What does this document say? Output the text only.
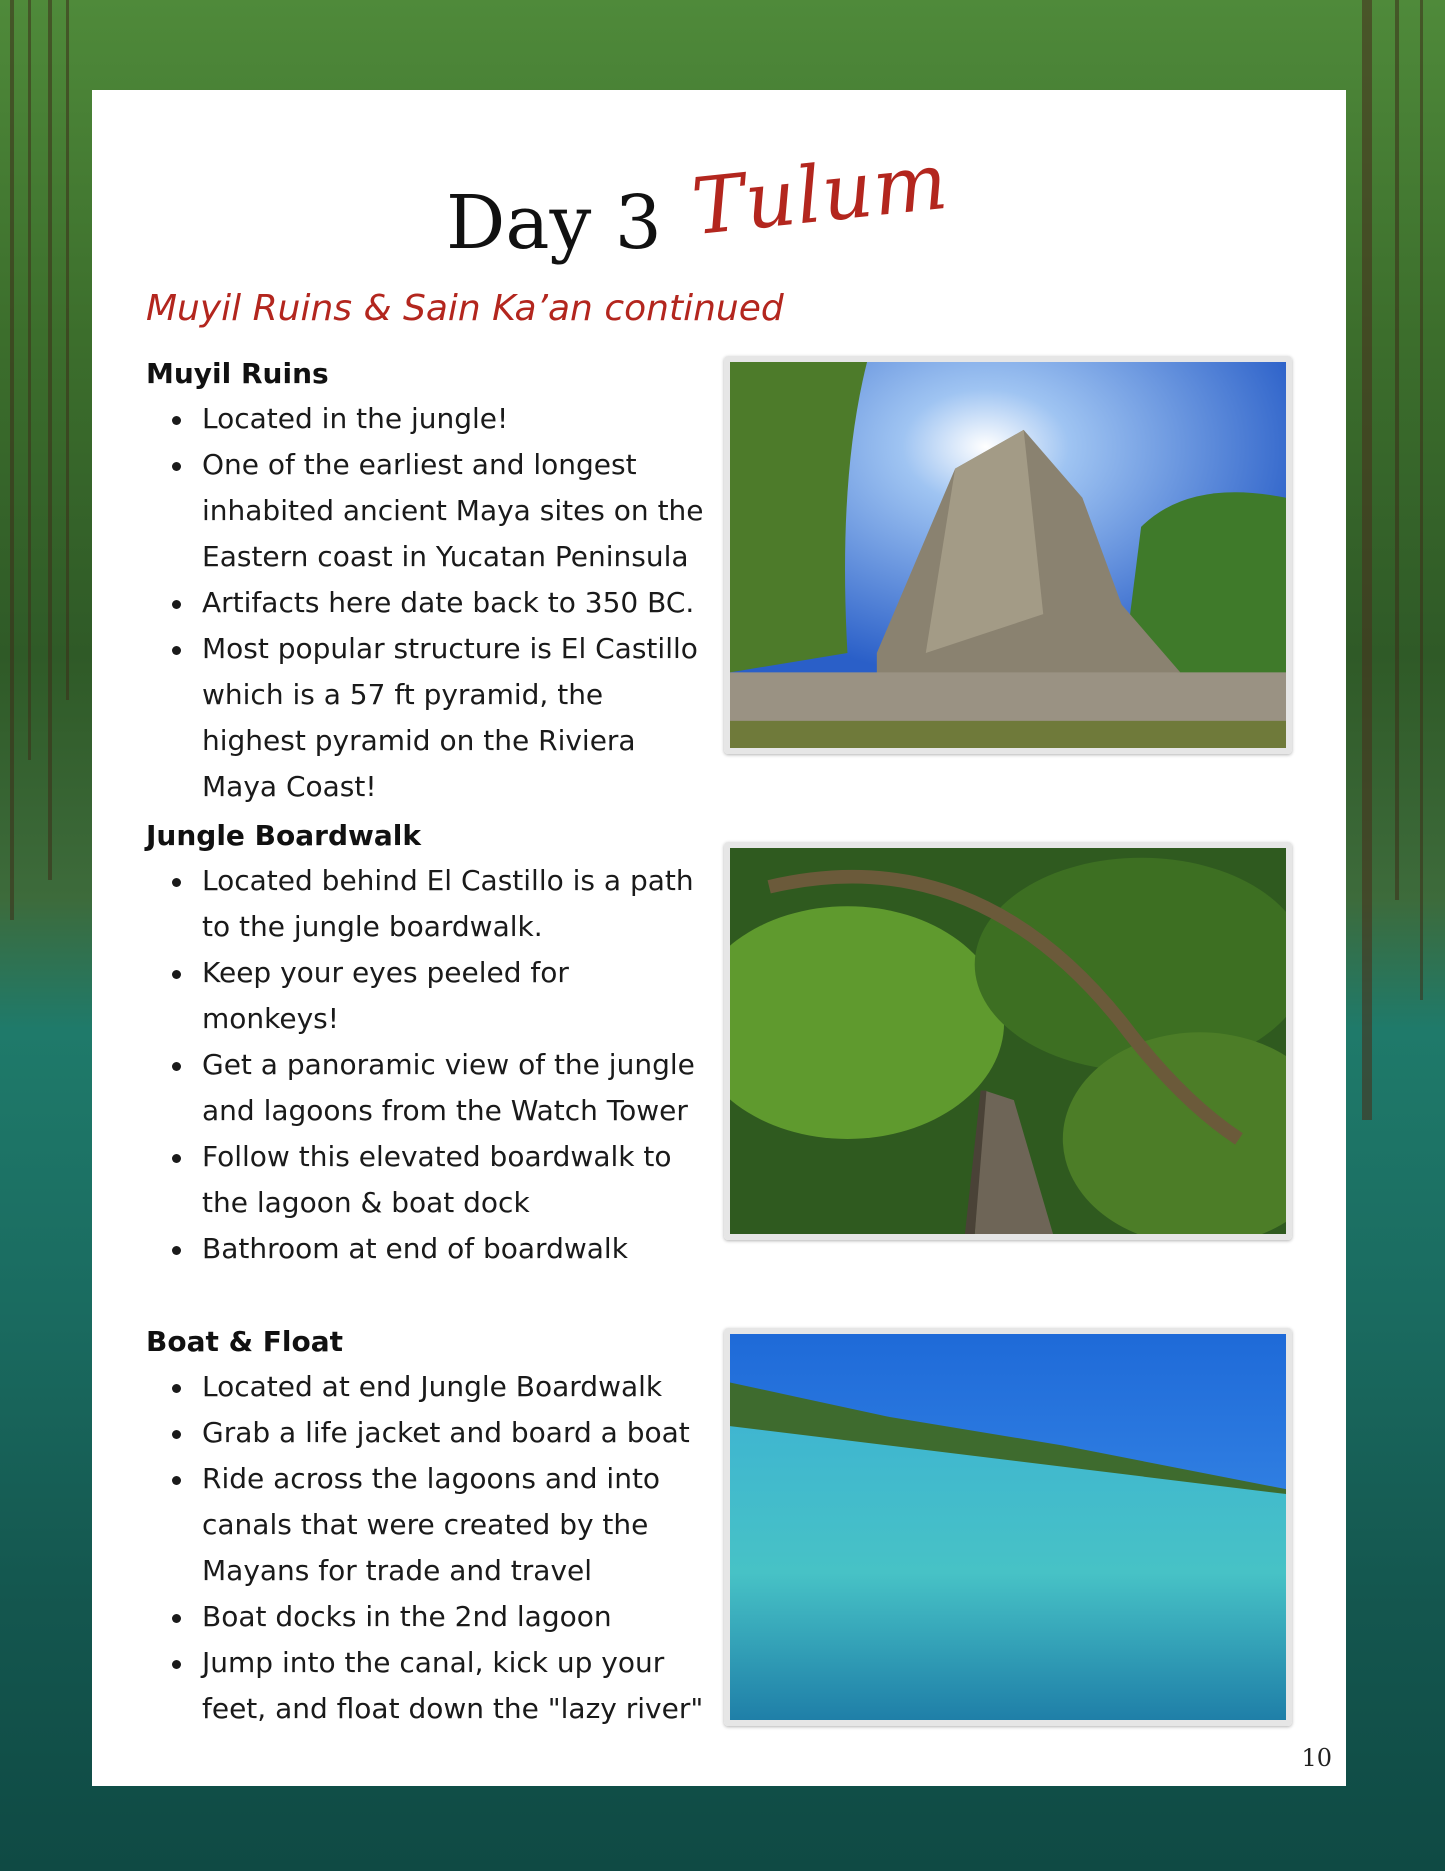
Day 3 Tulum
Muyil Ruins & Sain Ka’an continued
Muyil Ruins
Located in the jungle!
One of the earliest and longest inhabited ancient Maya sites on the Eastern coast in Yucatan Peninsula
Artifacts here date back to 350 BC.
Most popular structure is El Castillo which is a 57 ft pyramid, the highest pyramid on the Riviera Maya Coast!
Jungle Boardwalk
Located behind El Castillo is a path to the jungle boardwalk.
Keep your eyes peeled for monkeys!
Get a panoramic view of the jungle and lagoons from the Watch Tower
Follow this elevated boardwalk to the lagoon & boat dock
Bathroom at end of boardwalk
Boat & Float
Located at end Jungle Boardwalk
Grab a life jacket and board a boat
Ride across the lagoons and into canals that were created by the Mayans for trade and travel
Boat docks in the 2nd lagoon
Jump into the canal, kick up your feet, and float down the "lazy river"
10
